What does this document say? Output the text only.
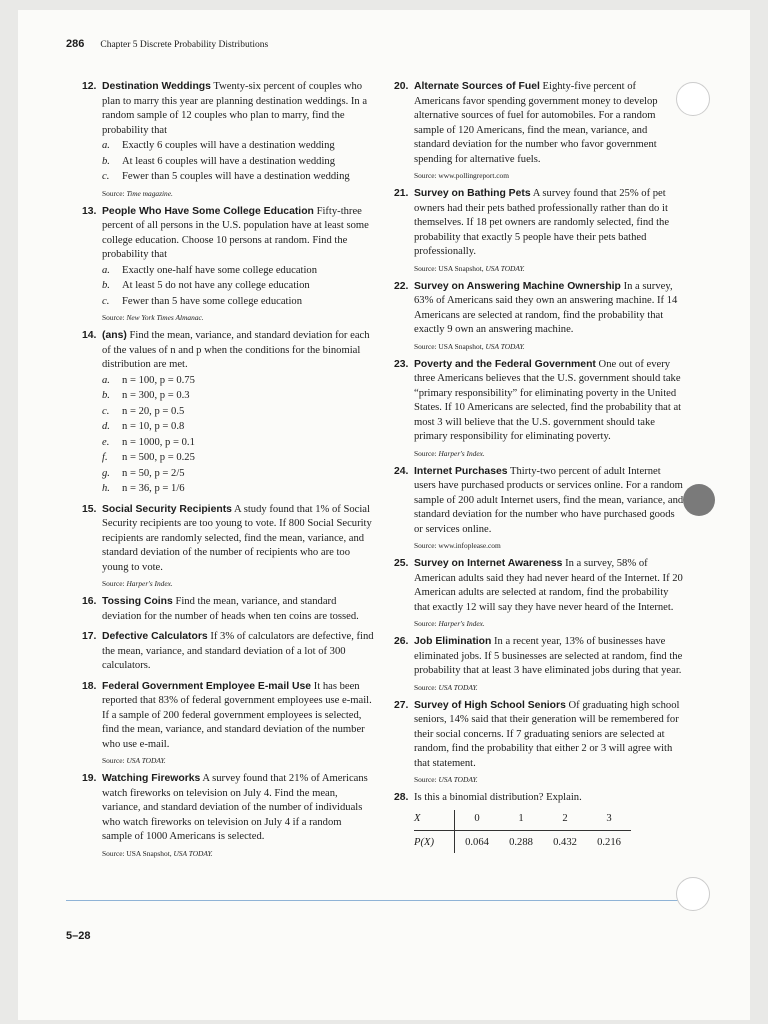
286 Chapter 5 Discrete Probability Distributions
12. Destination Weddings Twenty-six percent of couples who plan to marry this year are planning destination weddings. In a random sample of 12 couples who plan to marry, find the probability that
a. Exactly 6 couples will have a destination wedding
b. At least 6 couples will have a destination wedding
c. Fewer than 5 couples will have a destination wedding
Source: Time magazine.
13. People Who Have Some College Education Fifty-three percent of all persons in the U.S. population have at least some college education. Choose 10 persons at random. Find the probability that
a. Exactly one-half have some college education
b. At least 5 do not have any college education
c. Fewer than 5 have some college education
Source: New York Times Almanac.
14. (ans) Find the mean, variance, and standard deviation for each of the values of n and p when the conditions for the binomial distribution are met.
a. n = 100, p = 0.75
b. n = 300, p = 0.3
c. n = 20, p = 0.5
d. n = 10, p = 0.8
e. n = 1000, p = 0.1
f. n = 500, p = 0.25
g. n = 50, p = 2/5
h. n = 36, p = 1/6
15. Social Security Recipients A study found that 1% of Social Security recipients are too young to vote. If 800 Social Security recipients are randomly selected, find the mean, variance, and standard deviation of the number of recipients who are too young to vote.
Source: Harper's Index.
16. Tossing Coins Find the mean, variance, and standard deviation for the number of heads when ten coins are tossed.
17. Defective Calculators If 3% of calculators are defective, find the mean, variance, and standard deviation of a lot of 300 calculators.
18. Federal Government Employee E-mail Use It has been reported that 83% of federal government employees use e-mail. If a sample of 200 federal government employees is selected, find the mean, variance, and standard deviation of the number who use e-mail.
Source: USA TODAY.
19. Watching Fireworks A survey found that 21% of Americans watch fireworks on television on July 4. Find the mean, variance, and standard deviation of the number of individuals who watch fireworks on television on July 4 if a random sample of 1000 Americans is selected.
Source: USA Snapshot, USA TODAY.
20. Alternate Sources of Fuel Eighty-five percent of Americans favor spending government money to develop alternative sources of fuel for automobiles. For a random sample of 120 Americans, find the mean, variance, and standard deviation for the number who favor government spending for alternative fuels.
Source: www.pollingreport.com
21. Survey on Bathing Pets A survey found that 25% of pet owners had their pets bathed professionally rather than do it themselves. If 18 pet owners are randomly selected, find the probability that exactly 5 people have their pets bathed professionally.
Source: USA Snapshot, USA TODAY.
22. Survey on Answering Machine Ownership In a survey, 63% of Americans said they own an answering machine. If 14 Americans are selected at random, find the probability that exactly 9 own an answering machine.
Source: USA Snapshot, USA TODAY.
23. Poverty and the Federal Government One out of every three Americans believes that the U.S. government should take “primary responsibility” for eliminating poverty in the United States. If 10 Americans are selected, find the probability that at most 3 will believe that the U.S. government should take primary responsibility for eliminating poverty.
Source: Harper's Index.
24. Internet Purchases Thirty-two percent of adult Internet users have purchased products or services online. For a random sample of 200 adult Internet users, find the mean, variance, and standard deviation for the number who have purchased goods or services online.
Source: www.infoplease.com
25. Survey on Internet Awareness In a survey, 58% of American adults said they had never heard of the Internet. If 20 American adults are selected at random, find the probability that exactly 12 will say they have never heard of the Internet.
Source: Harper's Index.
26. Job Elimination In a recent year, 13% of businesses have eliminated jobs. If 5 businesses are selected at random, find the probability that at least 3 have eliminated jobs during that year.
Source: USA TODAY.
27. Survey of High School Seniors Of graduating high school seniors, 14% said that their generation will be remembered for their social concerns. If 7 graduating seniors are selected at random, find the probability that either 2 or 3 will agree with that statement.
Source: USA TODAY.
28. Is this a binomial distribution? Explain.
X	0	1	2	3
P(X)	0.064	0.288	0.432	0.216
5–28
